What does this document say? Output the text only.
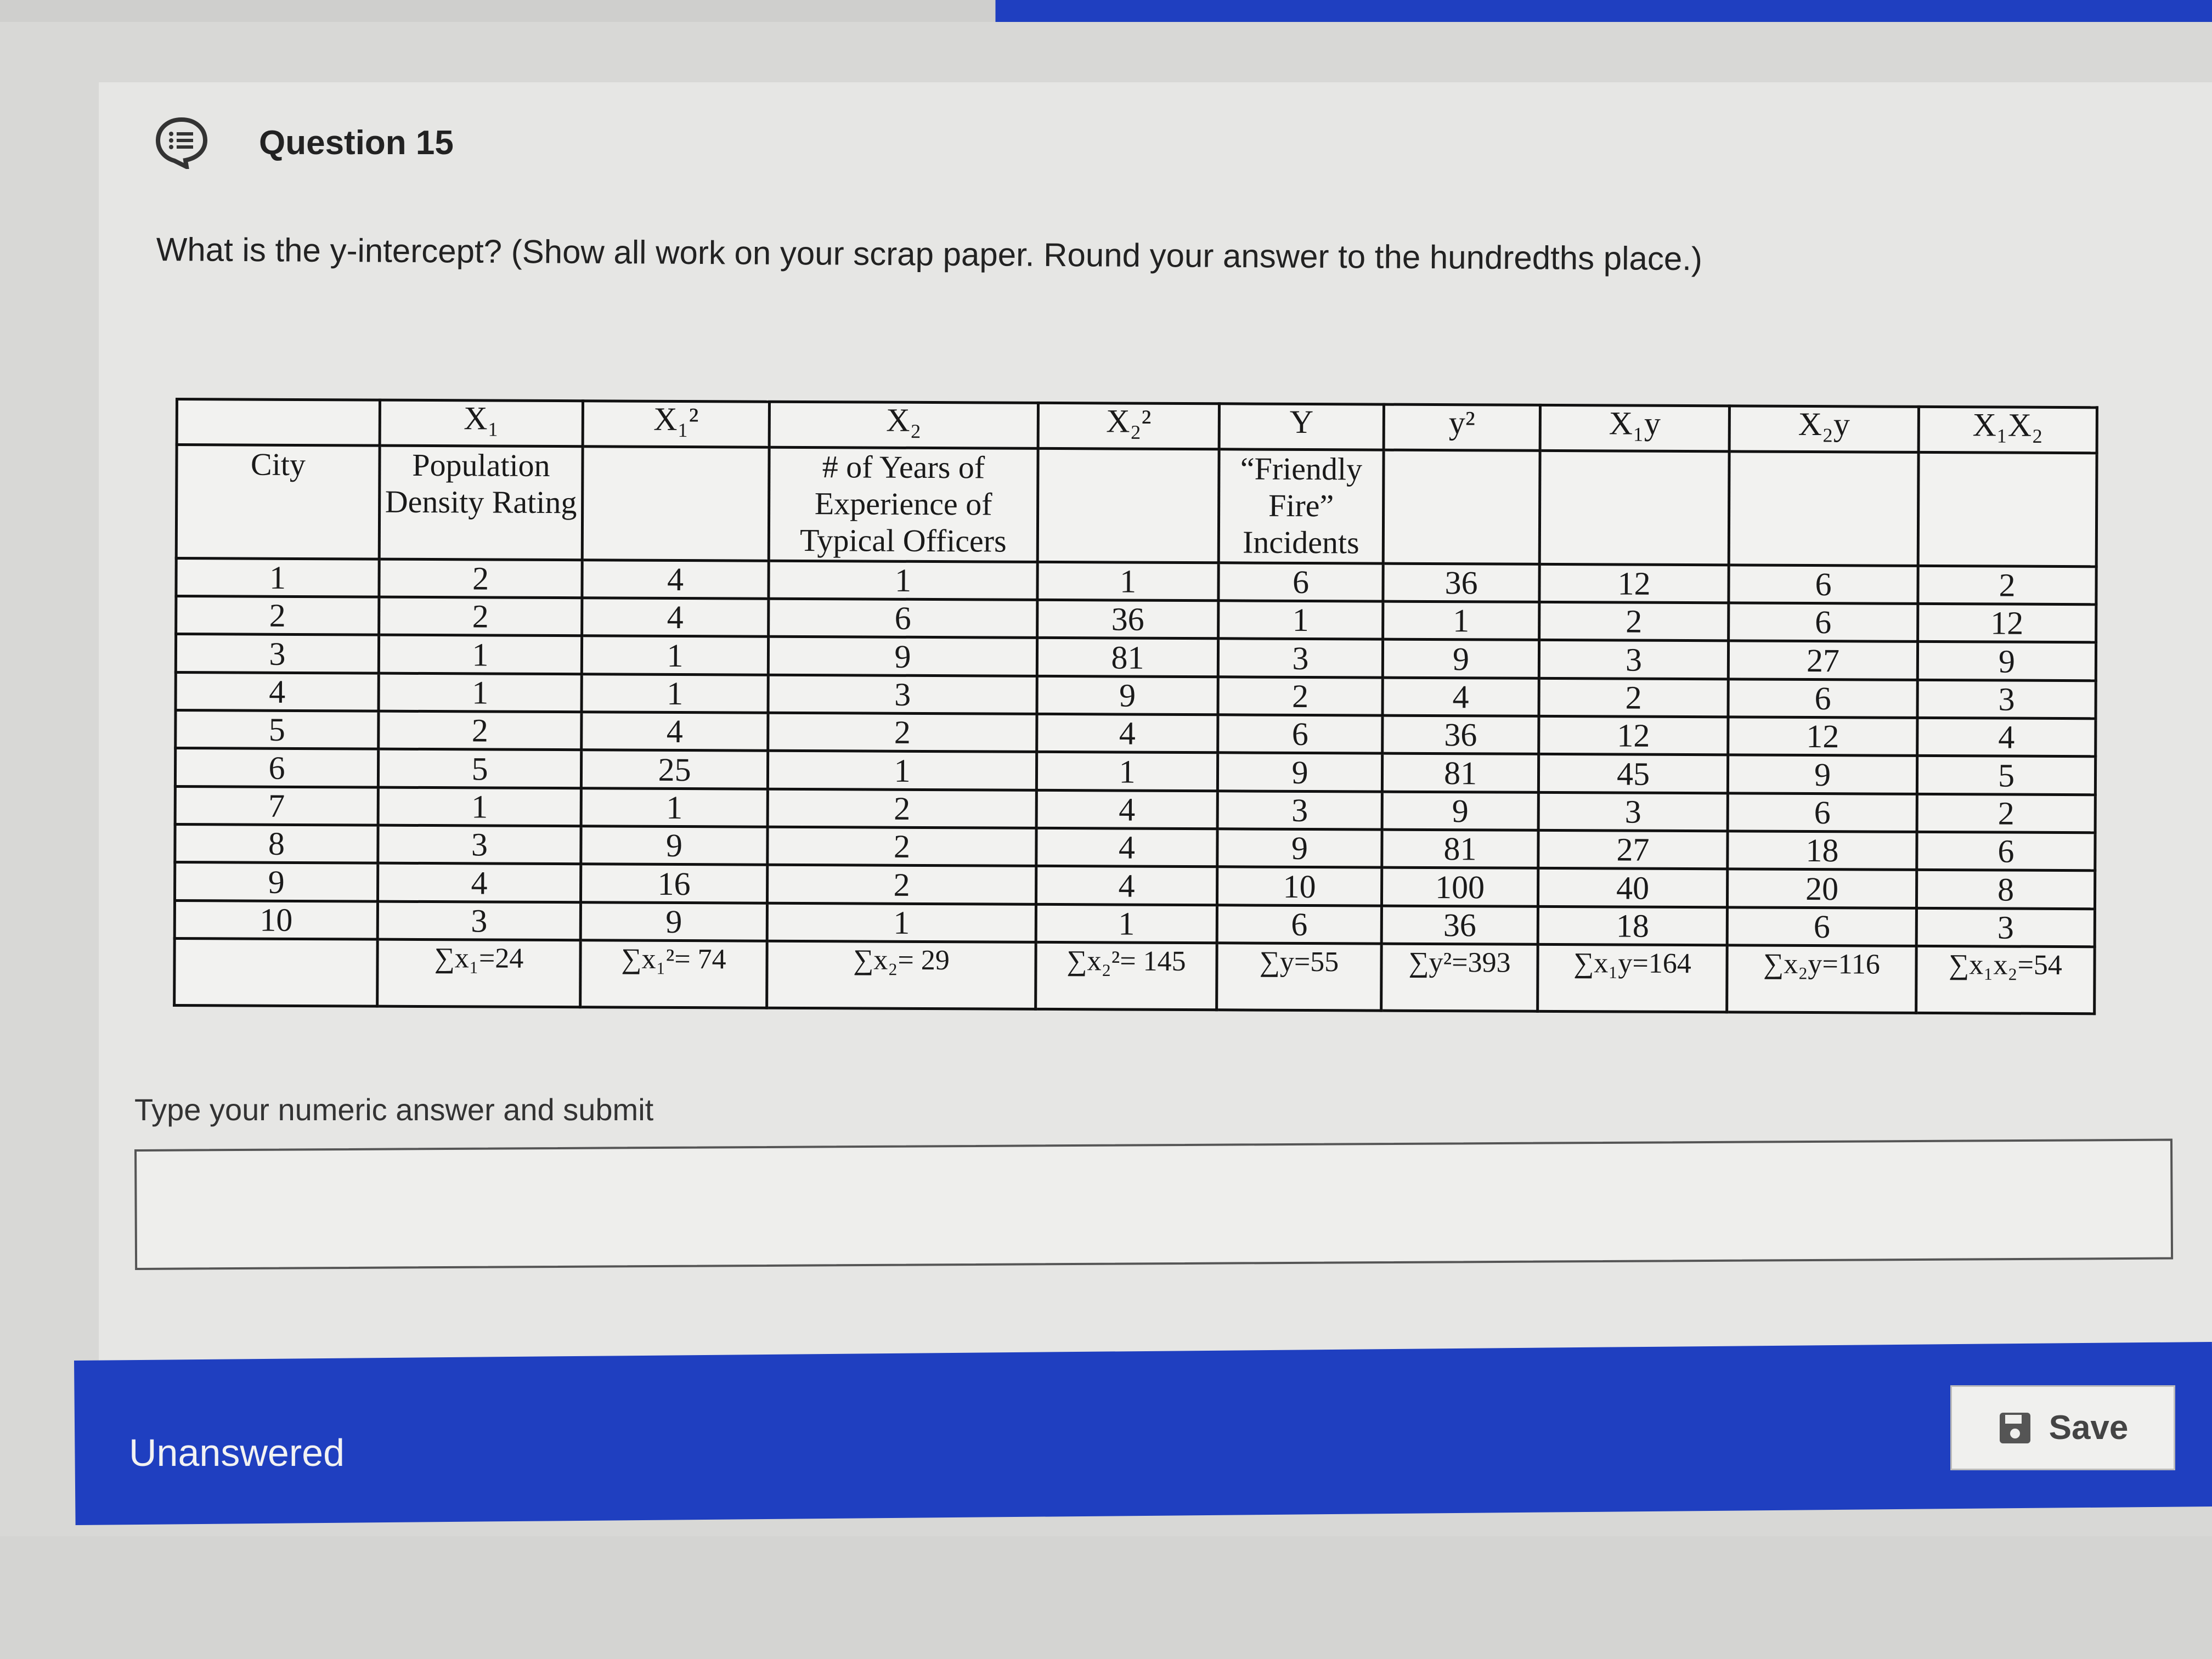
Question 15
What is the y-intercept? (Show all work on your scrap paper. Round your answer to the hundredths place.)
	X₁	X₁²	X₂	X₂²	Y	y²	X₁y	X₂y	X₁X₂
City	Population Density Rating		# of Years of Experience of Typical Officers		“Friendly Fire” Incidents				
1	2	4	1	1	6	36	12	6	2
2	2	4	6	36	1	1	2	6	12
3	1	1	9	81	3	9	3	27	9
4	1	1	3	9	2	4	2	6	3
5	2	4	2	4	6	36	12	12	4
6	5	25	1	1	9	81	45	9	5
7	1	1	2	4	3	9	3	6	2
8	3	9	2	4	9	81	27	18	6
9	4	16	2	4	10	100	40	20	8
10	3	9	1	1	6	36	18	6	3
	∑x₁=24	∑x₁²= 74	∑x₂= 29	∑x₂²= 145	∑y=55	∑y²=393	∑x₁y=164	∑x₂y=116	∑x₁x₂=54
Type your numeric answer and submit
Unanswered
Save
